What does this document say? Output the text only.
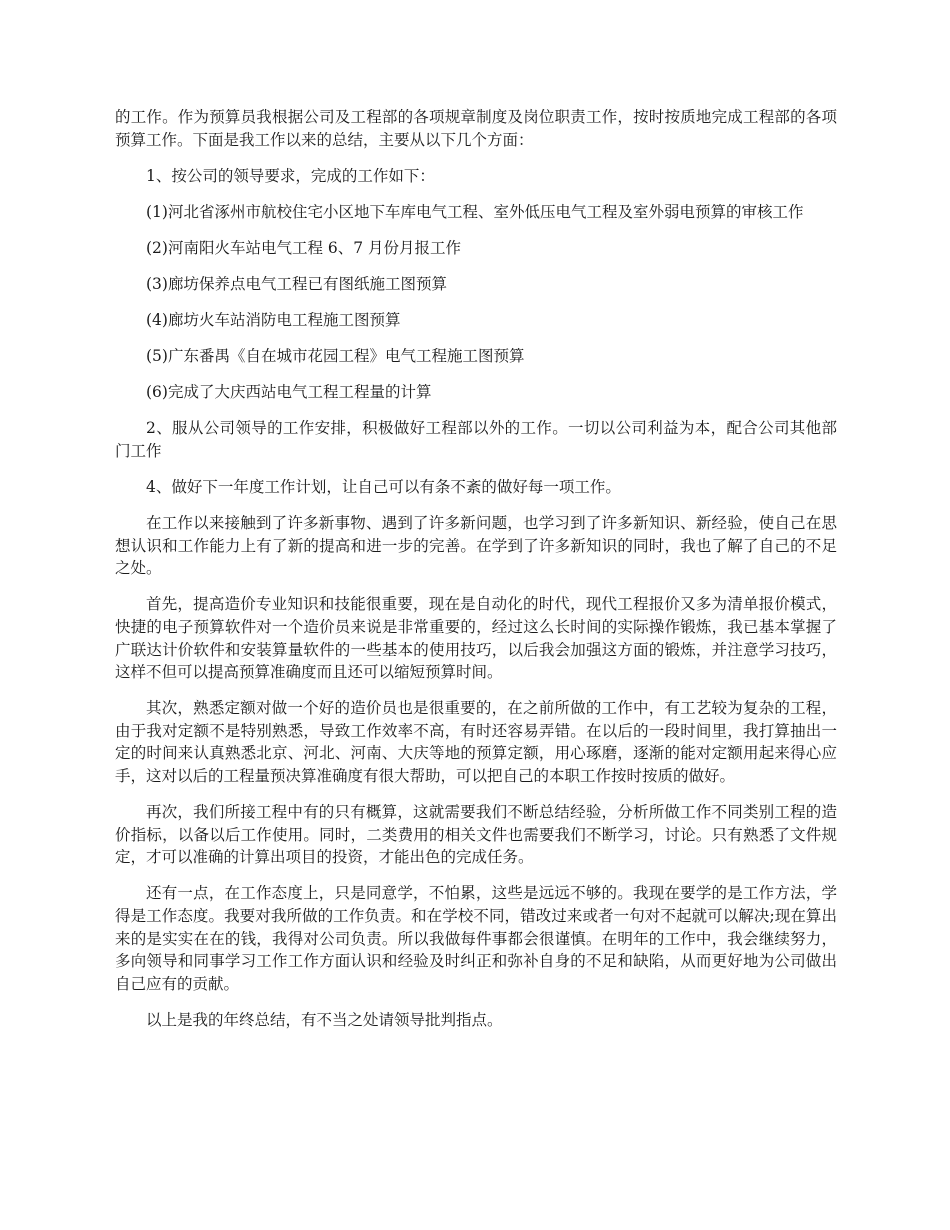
的工作。作为预算员我根据公司及工程部的各项规章制度及岗位职责工作，按时按质地完成工程部的各项预算工作。下面是我工作以来的总结，主要从以下几个方面：

1、按公司的领导要求，完成的工作如下：

(1)河北省涿州市航校住宅小区地下车库电气工程、室外低压电气工程及室外弱电预算的审核工作

(2)河南阳火车站电气工程 6、7 月份月报工作

(3)廊坊保养点电气工程已有图纸施工图预算

(4)廊坊火车站消防电工程施工图预算

(5)广东番禺《自在城市花园工程》电气工程施工图预算

(6)完成了大庆西站电气工程工程量的计算

2、服从公司领导的工作安排，积极做好工程部以外的工作。一切以公司利益为本，配合公司其他部门工作

4、做好下一年度工作计划，让自己可以有条不紊的做好每一项工作。

在工作以来接触到了许多新事物、遇到了许多新问题，也学习到了许多新知识、新经验，使自己在思想认识和工作能力上有了新的提高和进一步的完善。在学到了许多新知识的同时，我也了解了自己的不足之处。

首先，提高造价专业知识和技能很重要，现在是自动化的时代，现代工程报价又多为清单报价模式，快捷的电子预算软件对一个造价员来说是非常重要的，经过这么长时间的实际操作锻炼，我已基本掌握了广联达计价软件和安装算量软件的一些基本的使用技巧，以后我会加强这方面的锻炼，并注意学习技巧，这样不但可以提高预算准确度而且还可以缩短预算时间。

其次，熟悉定额对做一个好的造价员也是很重要的，在之前所做的工作中，有工艺较为复杂的工程，由于我对定额不是特别熟悉，导致工作效率不高，有时还容易弄错。在以后的一段时间里，我打算抽出一定的时间来认真熟悉北京、河北、河南、大庆等地的预算定额，用心琢磨，逐渐的能对定额用起来得心应手，这对以后的工程量预决算准确度有很大帮助，可以把自己的本职工作按时按质的做好。

再次，我们所接工程中有的只有概算，这就需要我们不断总结经验，分析所做工作不同类别工程的造价指标，以备以后工作使用。同时，二类费用的相关文件也需要我们不断学习，讨论。只有熟悉了文件规定，才可以准确的计算出项目的投资，才能出色的完成任务。

还有一点，在工作态度上，只是同意学，不怕累，这些是远远不够的。我现在要学的是工作方法，学得是工作态度。我要对我所做的工作负责。和在学校不同，错改过来或者一句对不起就可以解决;现在算出来的是实实在在的钱，我得对公司负责。所以我做每件事都会很谨慎。在明年的工作中，我会继续努力，多向领导和同事学习工作工作方面认识和经验及时纠正和弥补自身的不足和缺陷，从而更好地为公司做出自己应有的贡献。

以上是我的年终总结，有不当之处请领导批判指点。
